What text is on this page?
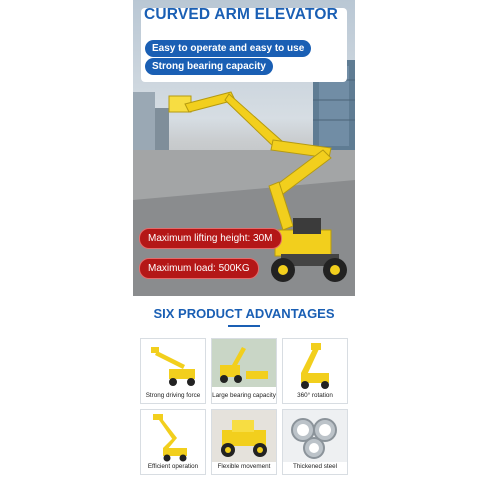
CURVED ARM ELEVATOR
Easy to operate and easy to use
Strong bearing capacity
Maximum lifting height: 30M
Maximum load: 500KG
SIX PRODUCT ADVANTAGES
Strong driving force	Large bearing capacity	360° rotation
Efficient operation	Flexible movement	Thickened steel
